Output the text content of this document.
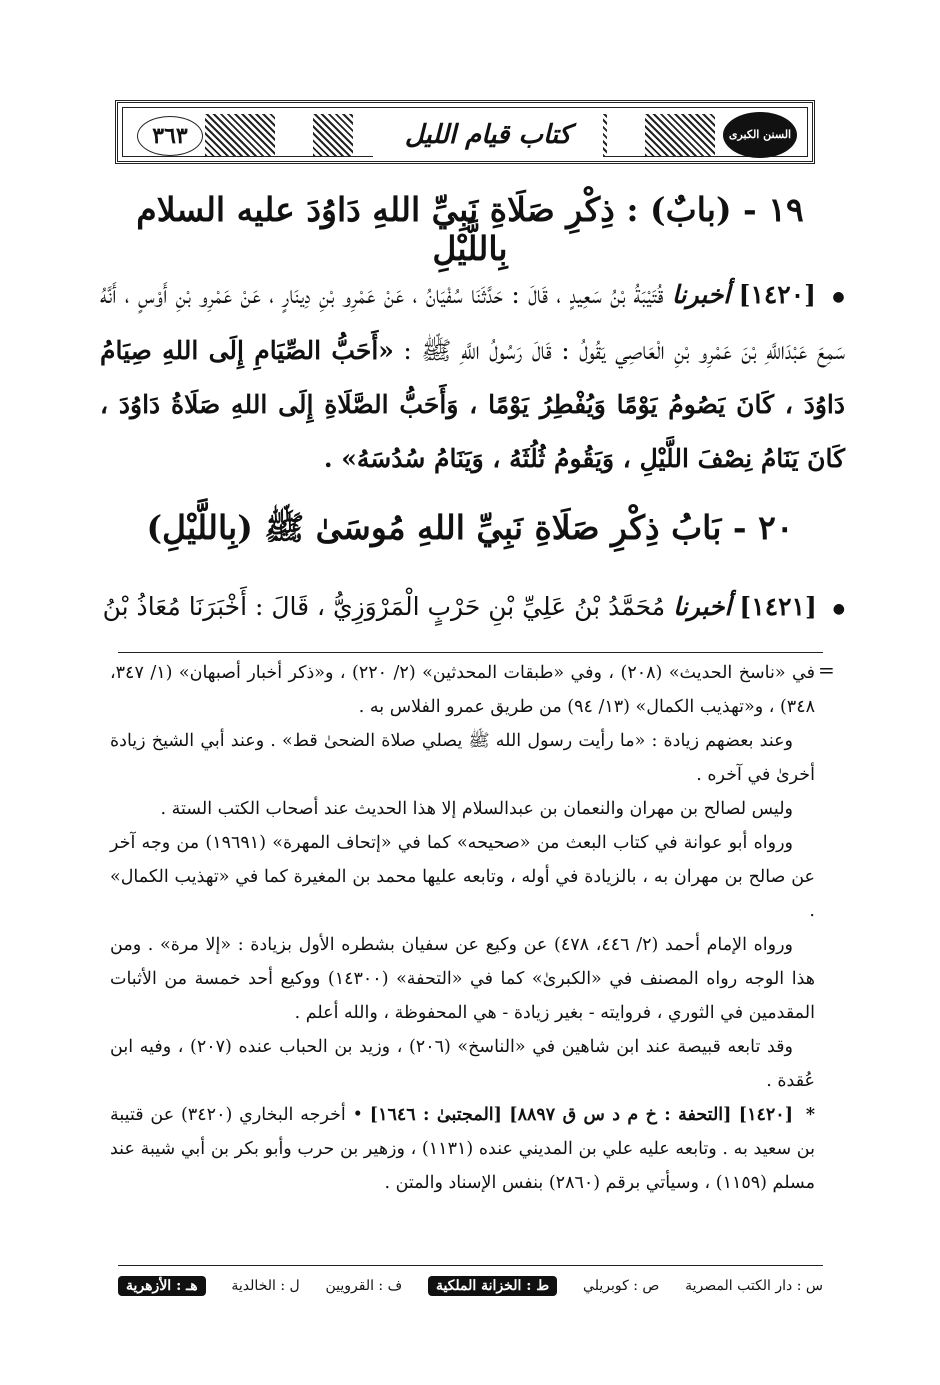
٣٦٣	كتاب قيام الليل	السنن الكبرى
١٩ - (بابٌ) : ذِكْرِ صَلَاةِ نَبِيِّ اللهِ دَاوُدَ عليه السلام بِاللَّيْلِ
● [١٤٢٠] أخبرنا قُتَيْبَةُ بْنُ سَعِيدٍ ، قَالَ : حَدَّثَنَا سُفْيَانُ ، عَنْ عَمْرِو بْنِ دِينَارٍ ، عَنْ عَمْرِو بْنِ أَوْسٍ ، أَنَّهُ سَمِعَ عَبْدَاللَّهِ بْنَ عَمْرِو بْنِ الْعَاصِي يَقُولُ : قَالَ رَسُولُ اللَّهِ ﷺ : «أَحَبُّ الصِّيَامِ إِلَى اللهِ صِيَامُ دَاوُدَ ، كَانَ يَصُومُ يَوْمًا وَيُفْطِرُ يَوْمًا ، وَأَحَبُّ الصَّلَاةِ إِلَى اللهِ صَلَاةُ دَاوُدَ ، كَانَ يَنَامُ نِصْفَ اللَّيْلِ ، وَيَقُومُ ثُلُثَهُ ، وَيَنَامُ سُدُسَهُ» .
٢٠ - بَابُ ذِكْرِ صَلَاةِ نَبِيِّ اللهِ مُوسَىٰ ﷺ (بِاللَّيْلِ)
● [١٤٢١] أخبرنا مُحَمَّدُ بْنُ عَلِيِّ بْنِ حَرْبٍ الْمَرْوَزِيُّ ، قَالَ : أَخْبَرَنَا مُعَاذُ بْنُ
=

في «ناسخ الحديث» (٢٠٨) ، وفي «طبقات المحدثين» (٢/ ٢٢٠) ، و«ذكر أخبار أصبهان» (١/ ٣٤٧، ٣٤٨) ، و«تهذيب الكمال» (١٣/ ٩٤) من طريق عمرو الفلاس به .

وعند بعضهم زيادة : «ما رأيت رسول الله ﷺ يصلي صلاة الضحىٰ قط» . وعند أبي الشيخ زيادة أخرىٰ في آخره .

وليس لصالح بن مهران والنعمان بن عبدالسلام إلا هذا الحديث عند أصحاب الكتب الستة .

ورواه أبو عوانة في كتاب البعث من «صحيحه» كما في «إتحاف المهرة» (١٩٦٩١) من وجه آخر عن صالح بن مهران به ، بالزيادة في أوله ، وتابعه عليها محمد بن المغيرة كما في «تهذيب الكمال» .

ورواه الإمام أحمد (٢/ ٤٤٦، ٤٧٨) عن وكيع عن سفيان بشطره الأول بزيادة : «إلا مرة» . ومن هذا الوجه رواه المصنف في «الكبرىٰ» كما في «التحفة» (١٤٣٠٠) ووكيع أحد خمسة من الأثبات المقدمين في الثوري ، فروايته - بغير زيادة - هي المحفوظة ، والله أعلم .

وقد تابعه قبيصة عند ابن شاهين في «الناسخ» (٢٠٦) ، وزيد بن الحباب عنده (٢٠٧) ، وفيه ابن عُقدة .

* [١٤٢٠] [التحفة : خ م د س ق ٨٨٩٧] [المجتبىٰ : ١٦٤٦] • أخرجه البخاري (٣٤٢٠) عن قتيبة بن سعيد به . وتابعه عليه علي بن المديني عنده (١١٣١) ، وزهير بن حرب وأبو بكر بن أبي شيبة عند مسلم (١١٥٩) ، وسيأتي برقم (٢٨٦٠) بنفس الإسناد والمتن .

س : دار الكتب المصرية
ص : كوبريلي
ط : الخزانة الملكية
ف : القرويين
ل : الخالدية
هـ : الأزهرية
